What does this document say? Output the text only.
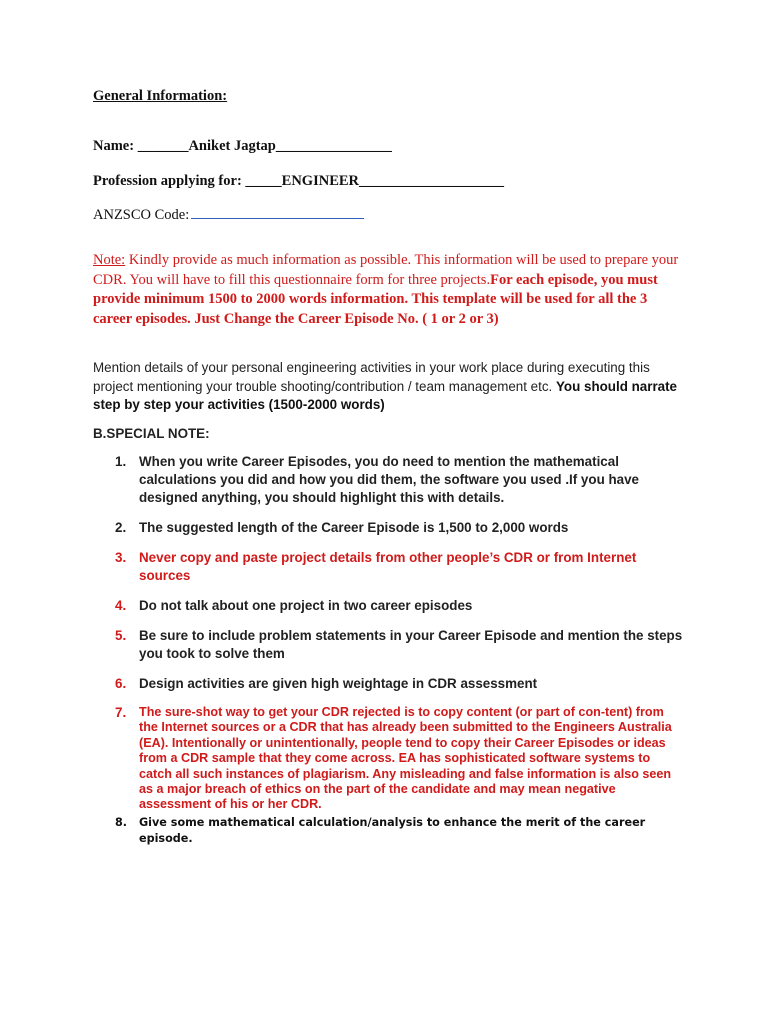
General Information:
Name: _______Aniket Jagtap________________
Profession applying for: _____ENGINEER____________________
ANZSCO Code:
Note: Kindly provide as much information as possible. This information will be used to prepare your CDR. You will have to fill this questionnaire form for three projects.For each episode, you must provide minimum 1500 to 2000 words information. This template will be used for all the 3 career episodes. Just Change the Career Episode No. ( 1 or 2 or 3)
Mention details of your personal engineering activities in your work place during executing this project mentioning your trouble shooting/contribution / team management etc. You should narrate step by step your activities (1500-2000 words)
B.SPECIAL NOTE:
1. When you write Career Episodes, you do need to mention the mathematical calculations you did and how you did them, the software you used .If you have designed anything, you should highlight this with details.
2. The suggested length of the Career Episode is 1,500 to 2,000 words
3. Never copy and paste project details from other people’s CDR or from Internet sources
4. Do not talk about one project in two career episodes
5. Be sure to include problem statements in your Career Episode and mention the steps you took to solve them
6. Design activities are given high weightage in CDR assessment
7. The sure-shot way to get your CDR rejected is to copy content (or part of con-tent) from the Internet sources or a CDR that has already been submitted to the Engineers Australia (EA). Intentionally or unintentionally, people tend to copy their Career Episodes or ideas from a CDR sample that they come across. EA has sophisticated software systems to catch all such instances of plagiarism. Any misleading and false information is also seen as a major breach of ethics on the part of the candidate and may mean negative assessment of his or her CDR.
8. Give some mathematical calculation/analysis to enhance the merit of the career episode.
